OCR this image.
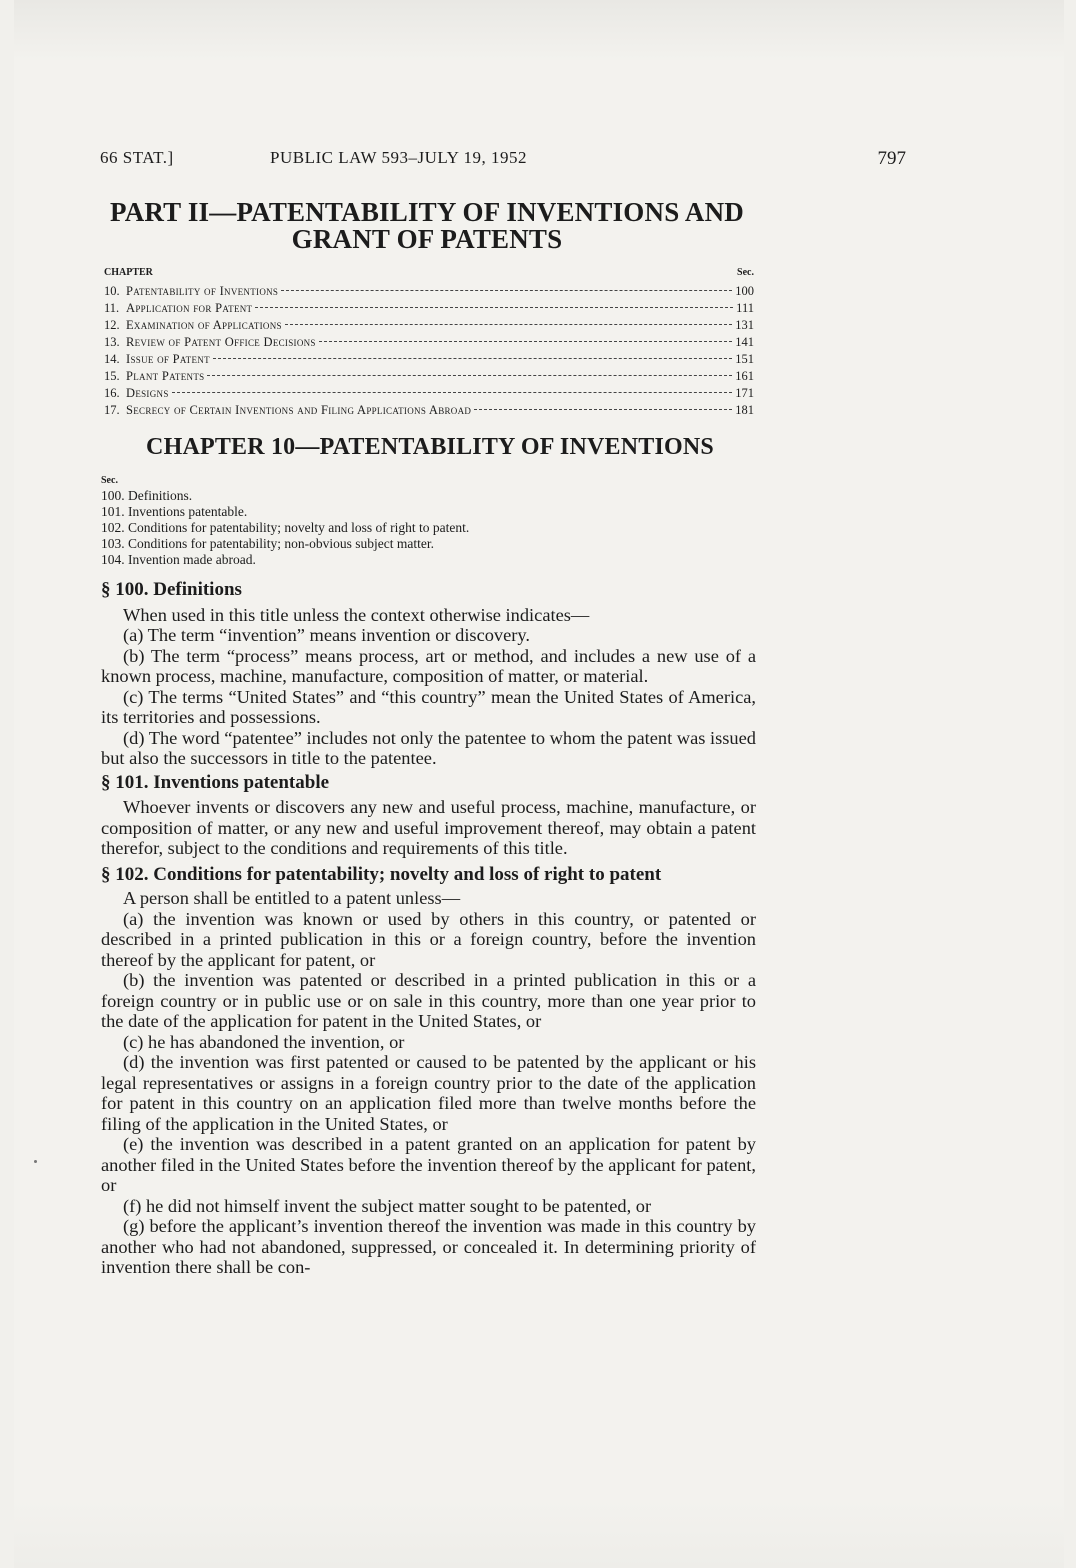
66 STAT.]	PUBLIC LAW 593–JULY 19, 1952	797
PART II—PATENTABILITY OF INVENTIONS AND GRANT OF PATENTS
CHAPTER	Sec.
10. Patentability of Inventions	100
11. Application for Patent	111
12. Examination of Applications	131
13. Review of Patent Office Decisions	141
14. Issue of Patent	151
15. Plant Patents	161
16. Designs	171
17. Secrecy of Certain Inventions and Filing Applications Abroad	181
CHAPTER 10—PATENTABILITY OF INVENTIONS
Sec.
100. Definitions.
101. Inventions patentable.
102. Conditions for patentability; novelty and loss of right to patent.
103. Conditions for patentability; non-obvious subject matter.
104. Invention made abroad.
§ 100. Definitions

When used in this title unless the context otherwise indicates—

(a) The term “invention” means invention or discovery.

(b) The term “process” means process, art or method, and includes a new use of a known process, machine, manufacture, composition of matter, or material.

(c) The terms “United States” and “this country” mean the United States of America, its territories and possessions.

(d) The word “patentee” includes not only the patentee to whom the patent was issued but also the successors in title to the patentee.

§ 101. Inventions patentable

Whoever invents or discovers any new and useful process, machine, manufacture, or composition of matter, or any new and useful improvement thereof, may obtain a patent therefor, subject to the conditions and requirements of this title.

§ 102. Conditions for patentability; novelty and loss of right to patent

A person shall be entitled to a patent unless—

(a) the invention was known or used by others in this country, or patented or described in a printed publication in this or a foreign country, before the invention thereof by the applicant for patent, or

(b) the invention was patented or described in a printed publication in this or a foreign country or in public use or on sale in this country, more than one year prior to the date of the application for patent in the United States, or

(c) he has abandoned the invention, or

(d) the invention was first patented or caused to be patented by the applicant or his legal representatives or assigns in a foreign country prior to the date of the application for patent in this country on an application filed more than twelve months before the filing of the application in the United States, or

(e) the invention was described in a patent granted on an application for patent by another filed in the United States before the invention thereof by the applicant for patent, or

(f) he did not himself invent the subject matter sought to be patented, or

(g) before the applicant’s invention thereof the invention was made in this country by another who had not abandoned, suppressed, or concealed it. In determining priority of invention there shall be con-
